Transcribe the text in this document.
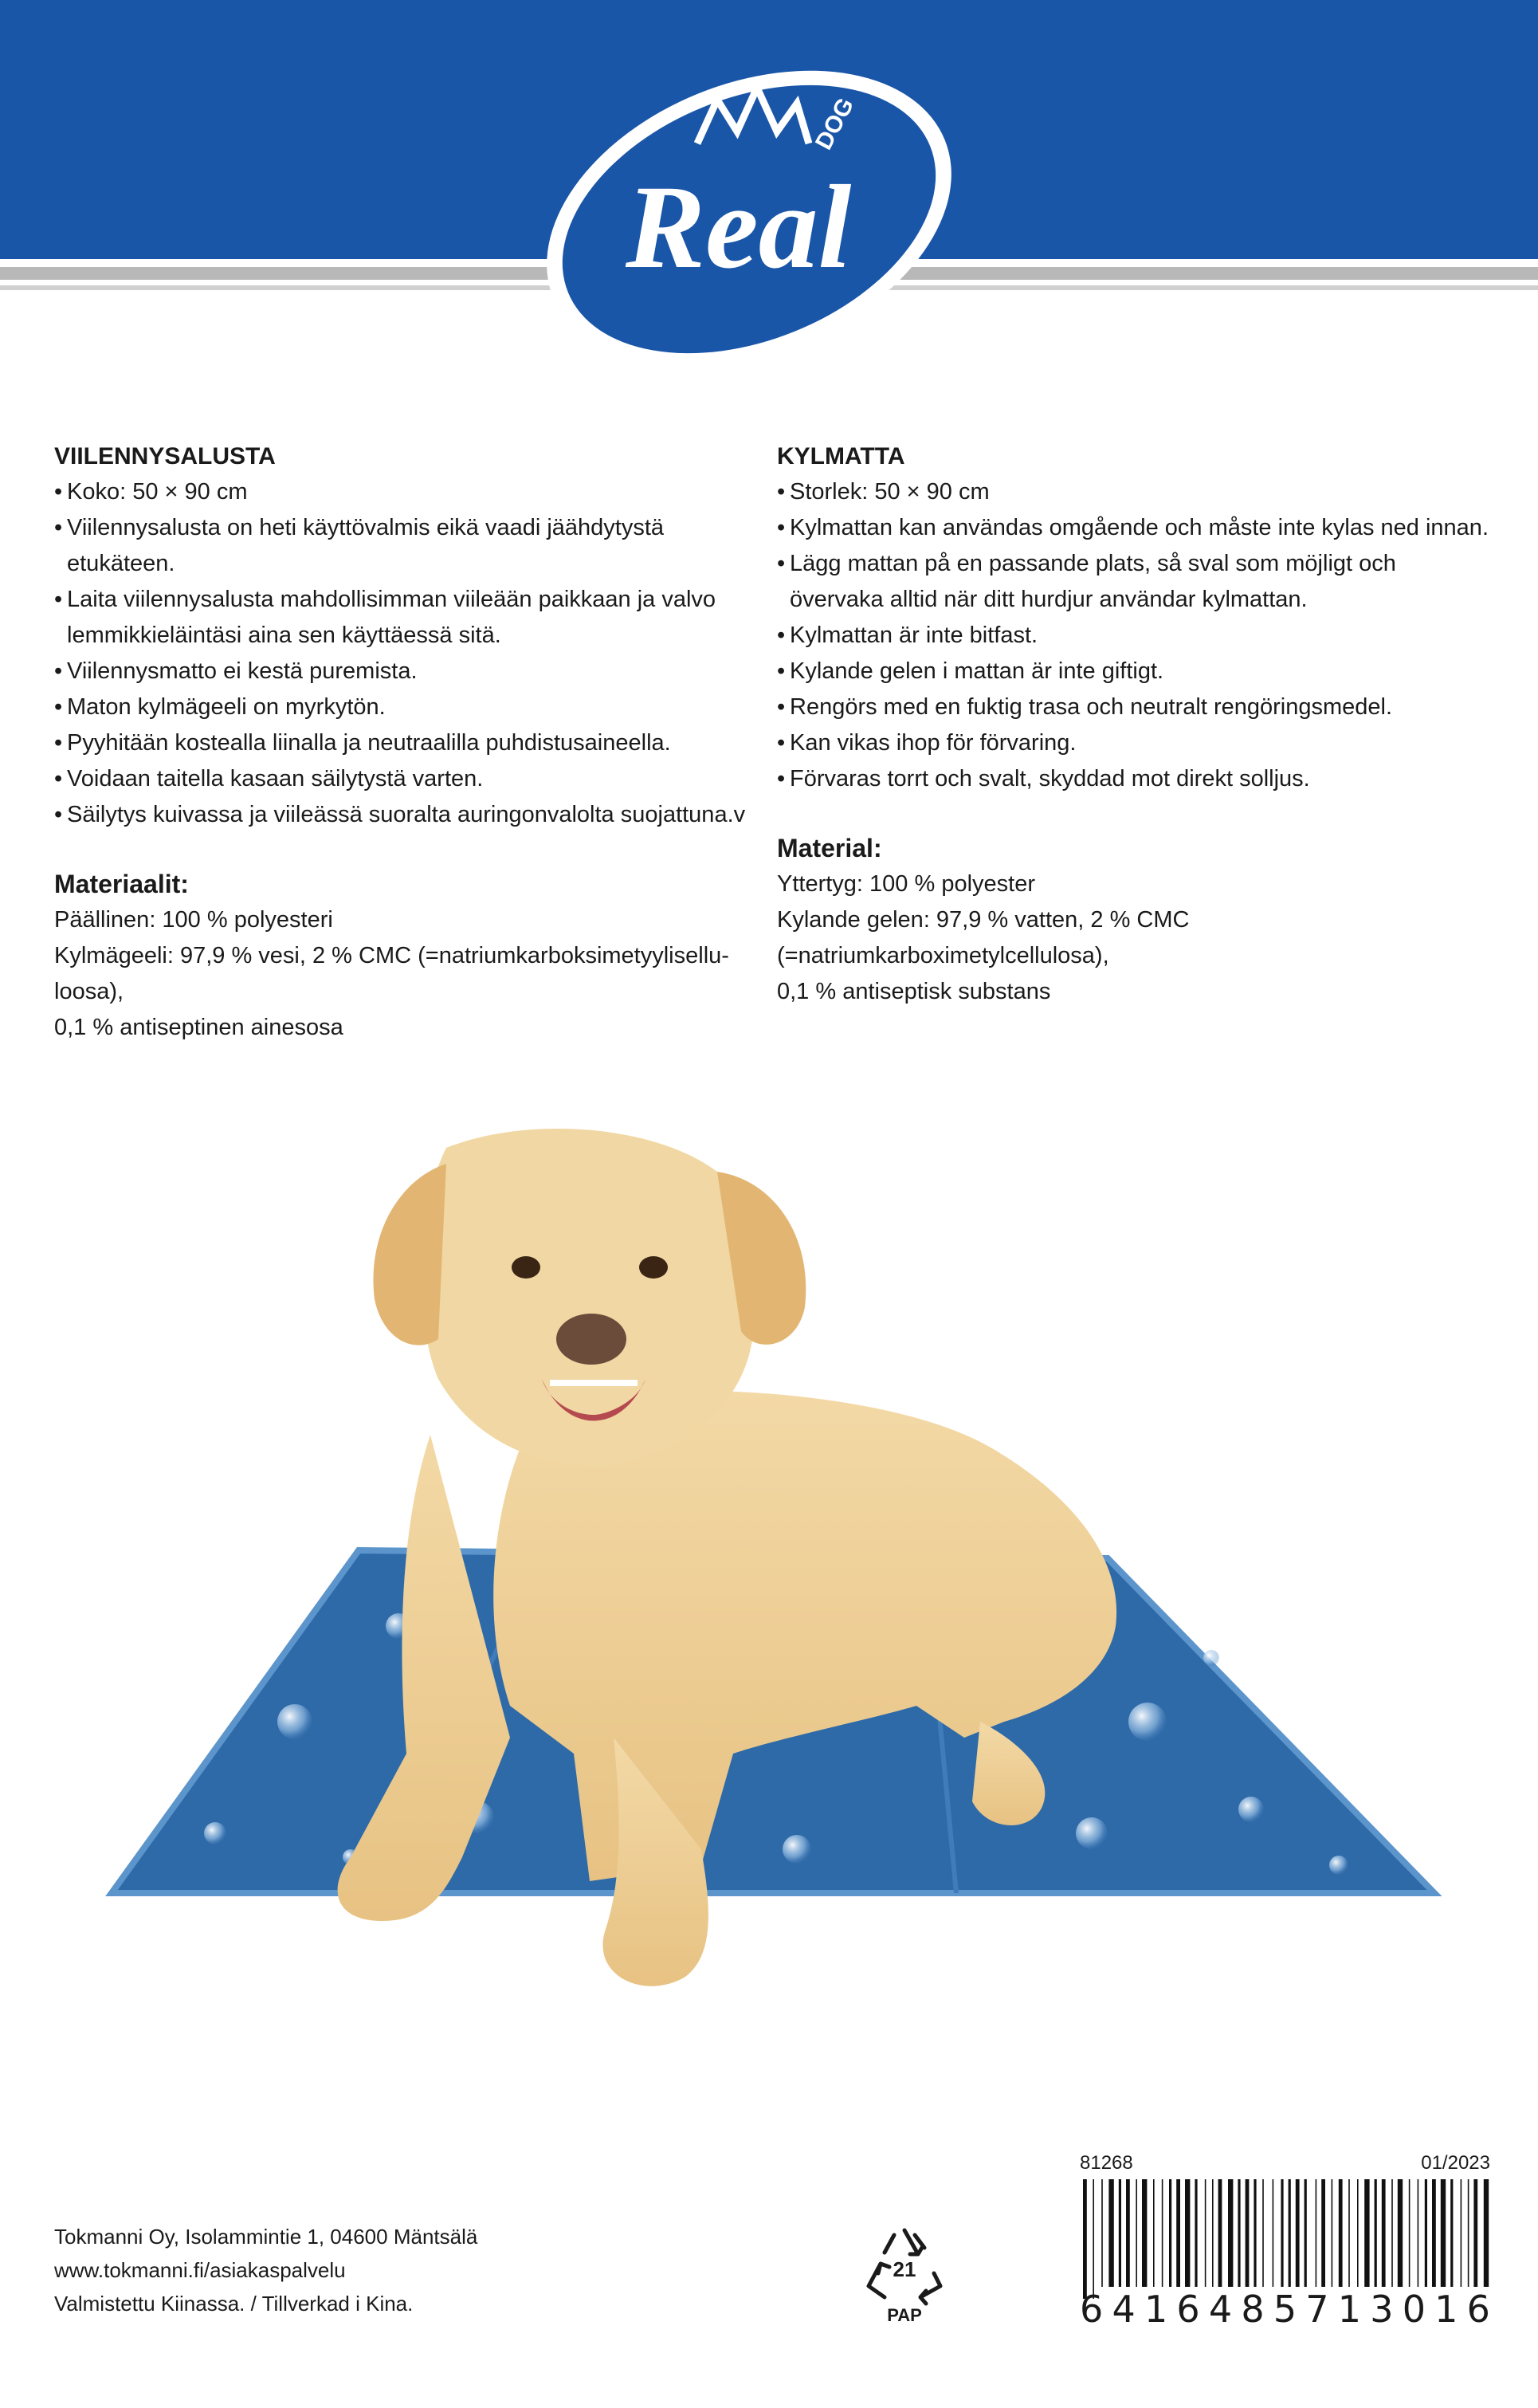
Real
DOG
VIILENNYSALUSTA
• Koko: 50 × 90 cm
• Viilennysalusta on heti käyttövalmis eikä vaadi jäähdytystä etukäteen.
• Laita viilennysalusta mahdollisimman viileään paikkaan ja valvo lemmikkieläintäsi aina sen käyttäessä sitä.
• Viilennysmatto ei kestä puremista.
• Maton kylmägeeli on myrkytön.
• Pyyhitään kostealla liinalla ja neutraalilla puhdistusaineella.
• Voidaan taitella kasaan säilytystä varten.
• Säilytys kuivassa ja viileässä suoralta auringonvalolta suojattuna.v
Materiaalit:

Päällinen: 100 % polyesteri

Kylmägeeli: 97,9 % vesi, 2 % CMC (=natriumkarboksimetyyliselluloosa),

0,1 % antiseptinen ainesosa

KYLMATTA
• Storlek: 50 × 90 cm
• Kylmattan kan användas omgående och måste inte kylas ned innan.
• Lägg mattan på en passande plats, så sval som möjligt och övervaka alltid när ditt hurdjur användar kylmattan.
• Kylmattan är inte bitfast.
• Kylande gelen i mattan är inte giftigt.
• Rengörs med en fuktig trasa och neutralt rengöringsmedel.
• Kan vikas ihop för förvaring.
• Förvaras torrt och svalt, skyddad mot direkt solljus.
Material:

Yttertyg: 100 % polyester

Kylande gelen: 97,9 % vatten, 2 % CMC (=natriumkarboximetylcellulosa),

0,1 % antiseptisk substans

Tokmanni Oy, Isolammintie 1, 04600 Mäntsälä
www.tokmanni.fi/asiakaspalvelu
Valmistettu Kiinassa. / Tillverkad i Kina.
21
PAP
81268	01/2023
6 4 1 6 4 8 5 7 1 3 0 1 6
